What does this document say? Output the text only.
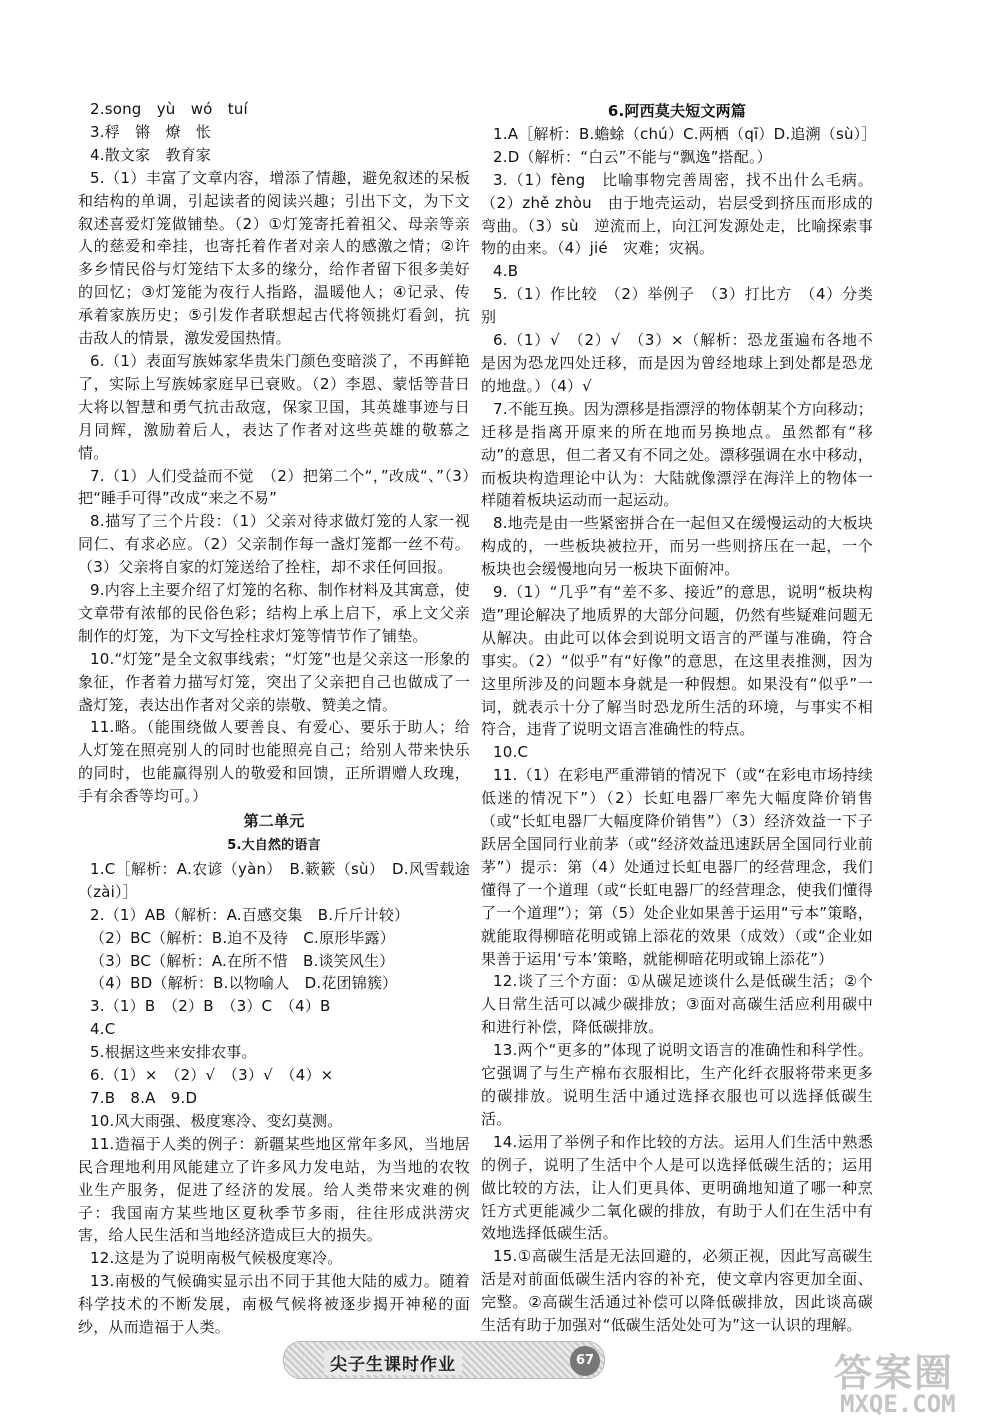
2.song　yù　wó　tuí
3.稃　锵　燎　怅
4.散文家　教育家
5.（1）丰富了文章内容，增添了情趣，避免叙述的呆板和结构的单调，引起读者的阅读兴趣；引出下文，为下文叙述喜爱灯笼做铺垫。（2）①灯笼寄托着祖父、母亲等亲人的慈爱和牵挂，也寄托着作者对亲人的感激之情；②许多乡情民俗与灯笼结下太多的缘分，给作者留下很多美好的回忆；③灯笼能为夜行人指路，温暖他人；④记录、传承着家族历史；⑤引发作者联想起古代将领挑灯看剑，抗击敌人的情景，激发爱国热情。
6.（1）表面写族姊家华贵朱门颜色变暗淡了，不再鲜艳了，实际上写族姊家庭早已衰败。（2）李恩、蒙恬等昔日大将以智慧和勇气抗击敌寇，保家卫国，其英雄事迹与日月同辉，激励着后人，表达了作者对这些英雄的敬慕之情。
7.（1）人们受益而不觉　（2）把第二个“，”改成“、”（3）把“睡手可得”改成“来之不易”
8.描写了三个片段：（1）父亲对待求做灯笼的人家一视同仁、有求必应。（2）父亲制作每一盏灯笼都一丝不苟。（3）父亲将自家的灯笼送给了拴柱，却不求任何回报。
9.内容上主要介绍了灯笼的名称、制作材料及其寓意，使文章带有浓郁的民俗色彩；结构上承上启下，承上文父亲制作的灯笼，为下文写拴柱求灯笼等情节作了铺垫。
10.“灯笼”是全文叙事线索；“灯笼”也是父亲这一形象的象征，作者着力描写灯笼，突出了父亲把自己也做成了一盏灯笼，表达出作者对父亲的崇敬、赞美之情。
11.略。（能围绕做人要善良、有爱心、要乐于助人；给人灯笼在照亮别人的同时也能照亮自己；给别人带来快乐的同时，也能赢得别人的敬爱和回馈，正所谓赠人玫瑰，手有余香等均可。）
第二单元
5.大自然的语言
1.C［解析：A.农谚（yàn）　B.簌簌（sù）　D.风雪载途（zài）］
2.（1）AB（解析：A.百感交集　B.斤斤计较）
（2）BC（解析：B.迫不及待　C.原形毕露）
（3）BC（解析：A.在所不惜　B.谈笑风生）
（4）BD（解析：B.以物喻人　D.花团锦簇）
3.（1）B　（2）B　（3）C　（4）B
4.C
5.根据这些来安排农事。
6.（1）×　（2）√　（3）√　（4）×
7.B　8.A　9.D
10.风大雨强、极度寒冷、变幻莫测。
11.造福于人类的例子：新疆某些地区常年多风，当地居民合理地利用风能建立了许多风力发电站，为当地的农牧业生产服务，促进了经济的发展。给人类带来灾难的例子：我国南方某些地区夏秋季节多雨，往往形成洪涝灾害，给人民生活和当地经济造成巨大的损失。
12.这是为了说明南极气候极度寒冷。
13.南极的气候确实显示出不同于其他大陆的威力。随着科学技术的不断发展，南极气候将被逐步揭开神秘的面纱，从而造福于人类。
6.阿西莫夫短文两篇
1.A［解析：B.蟾蜍（chú）C.两栖（qī）D.追溯（sù）］
2.D（解析：“白云”不能与“飘逸”搭配。）
3.（1）fèng　比喻事物完善周密，找不出什么毛病。（2）zhě zhòu　由于地壳运动，岩层受到挤压而形成的弯曲。（3）sù　逆流而上，向江河发源处走，比喻探索事物的由来。（4）jié　灾难；灾祸。
4.B
5.（1）作比较　（2）举例子　（3）打比方　（4）分类别
6.（1）√　（2）√　（3）×（解析：恐龙蛋遍布各地不是因为恐龙四处迁移，而是因为曾经地球上到处都是恐龙的地盘。）（4）√
7.不能互换。因为漂移是指漂浮的物体朝某个方向移动；迁移是指离开原来的所在地而另换地点。虽然都有“移动”的意思，但二者又有不同之处。漂移强调在水中移动，而板块构造理论中认为：大陆就像漂浮在海洋上的物体一样随着板块运动而一起运动。
8.地壳是由一些紧密拼合在一起但又在缓慢运动的大板块构成的，一些板块被拉开，而另一些则挤压在一起，一个板块也会缓慢地向另一板块下面俯冲。
9.（1）“几乎”有“差不多、接近”的意思，说明“板块构造”理论解决了地质界的大部分问题，仍然有些疑难问题无从解决。由此可以体会到说明文语言的严谨与准确，符合事实。（2）“似乎”有“好像”的意思，在这里表推测，因为这里所涉及的问题本身就是一种假想。如果没有“似乎”一词，就表示十分了解当时恐龙所生活的环境，与事实不相符合，违背了说明文语言准确性的特点。
10.C
11.（1）在彩电严重滞销的情况下（或“在彩电市场持续低迷的情况下”）（2）长虹电器厂率先大幅度降价销售（或“长虹电器厂大幅度降价销售”）（3）经济效益一下子跃居全国同行业前茅（或“经济效益迅速跃居全国同行业前茅”）提示：第（4）处通过长虹电器厂的经营理念，我们懂得了一个道理（或“长虹电器厂的经营理念，使我们懂得了一个道理”）；第（5）处企业如果善于运用“亏本”策略，就能取得柳暗花明或锦上添花的效果（成效）（或“企业如果善于运用‘亏本’策略，就能柳暗花明或锦上添花”）
12.谈了三个方面：①从碳足迹谈什么是低碳生活；②个人日常生活可以减少碳排放；③面对高碳生活应利用碳中和进行补偿，降低碳排放。
13.两个“更多的”体现了说明文语言的准确性和科学性。它强调了与生产棉布衣服相比，生产化纤衣服将带来更多的碳排放。说明生活中通过选择衣服也可以选择低碳生活。
14.运用了举例子和作比较的方法。运用人们生活中熟悉的例子，说明了生活中个人是可以选择低碳生活的；运用做比较的方法，让人们更具体、更明确地知道了哪一种烹饪方式更能减少二氧化碳的排放，有助于人们在生活中有效地选择低碳生活。
15.①高碳生活是无法回避的，必须正视，因此写高碳生活是对前面低碳生活内容的补充，使文章内容更加全面、完整。②高碳生活通过补偿可以降低碳排放，因此谈高碳生活有助于加强对“低碳生活处处可为”这一认识的理解。
尖子生课时作业	67	答案圈
MXQE.COM
